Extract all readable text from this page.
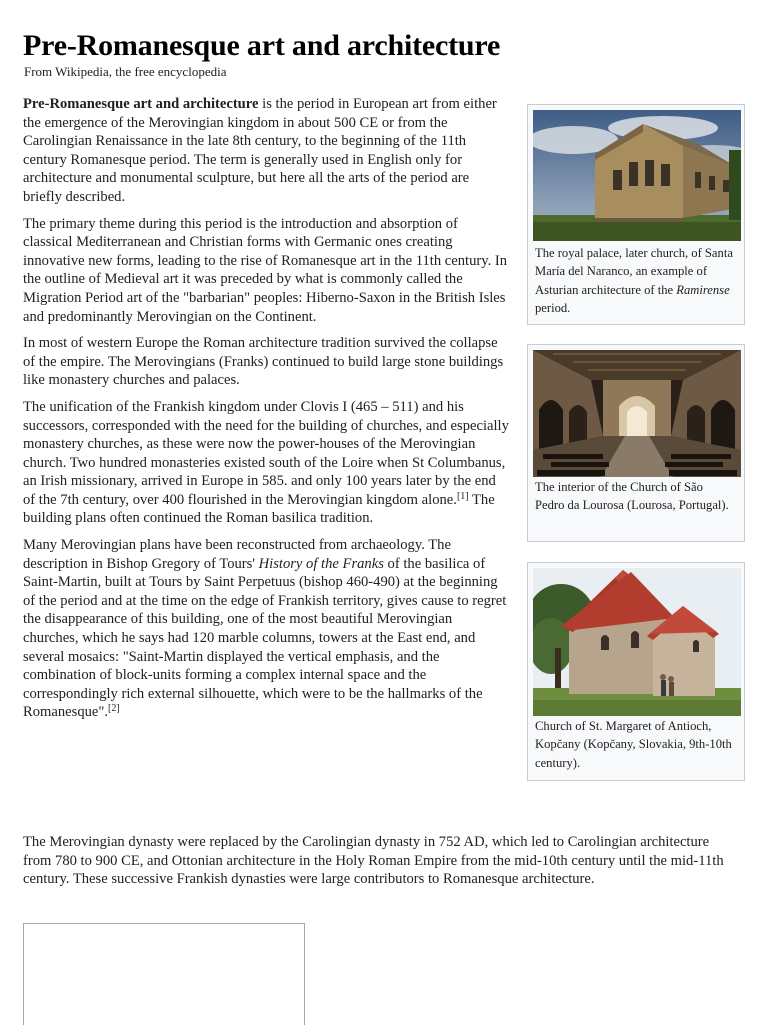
Pre-Romanesque art and architecture
From Wikipedia, the free encyclopedia

Pre-Romanesque art and architecture is the period in European art from either the emergence of the Merovingian kingdom in about 500 CE or from the Carolingian Renaissance in the late 8th century, to the beginning of the 11th century Romanesque period. The term is generally used in English only for architecture and monumental sculpture, but here all the arts of the period are briefly described.

The primary theme during this period is the introduction and absorption of classical Mediterranean and Christian forms with Germanic ones creating innovative new forms, leading to the rise of Romanesque art in the 11th century. In the outline of Medieval art it was preceded by what is commonly called the Migration Period art of the "barbarian" peoples: Hiberno-Saxon in the British Isles and predominantly Merovingian on the Continent.

In most of western Europe the Roman architecture tradition survived the collapse of the empire. The Merovingians (Franks) continued to build large stone buildings like monastery churches and palaces.

The unification of the Frankish kingdom under Clovis I (465 – 511) and his successors, corresponded with the need for the building of churches, and especially monastery churches, as these were now the power-houses of the Merovingian church. Two hundred monasteries existed south of the Loire when St Columbanus, an Irish missionary, arrived in Europe in 585. and only 100 years later by the end of the 7th century, over 400 flourished in the Merovingian kingdom alone.[1] The building plans often continued the Roman basilica tradition.

Many Merovingian plans have been reconstructed from archaeology. The description in Bishop Gregory of Tours' History of the Franks of the basilica of Saint-Martin, built at Tours by Saint Perpetuus (bishop 460-490) at the beginning of the period and at the time on the edge of Frankish territory, gives cause to regret the disappearance of this building, one of the most beautiful Merovingian churches, which he says had 120 marble columns, towers at the East end, and several mosaics: "Saint-Martin displayed the vertical emphasis, and the combination of block-units forming a complex internal space and the correspondingly rich external silhouette, which were to be the hallmarks of the Romanesque".[2]

The Merovingian dynasty were replaced by the Carolingian dynasty in 752 AD, which led to Carolingian architecture from 780 to 900 CE, and Ottonian architecture in the Holy Roman Empire from the mid-10th century until the mid-11th century. These successive Frankish dynasties were large contributors to Romanesque architecture.

The royal palace, later church, of Santa María del Naranco, an example of Asturian architecture of the Ramirense period.
The interior of the Church of São Pedro da Lourosa (Lourosa, Portugal).
Church of St. Margaret of Antioch, Kopčany (Kopčany, Slovakia, 9th-10th century).
